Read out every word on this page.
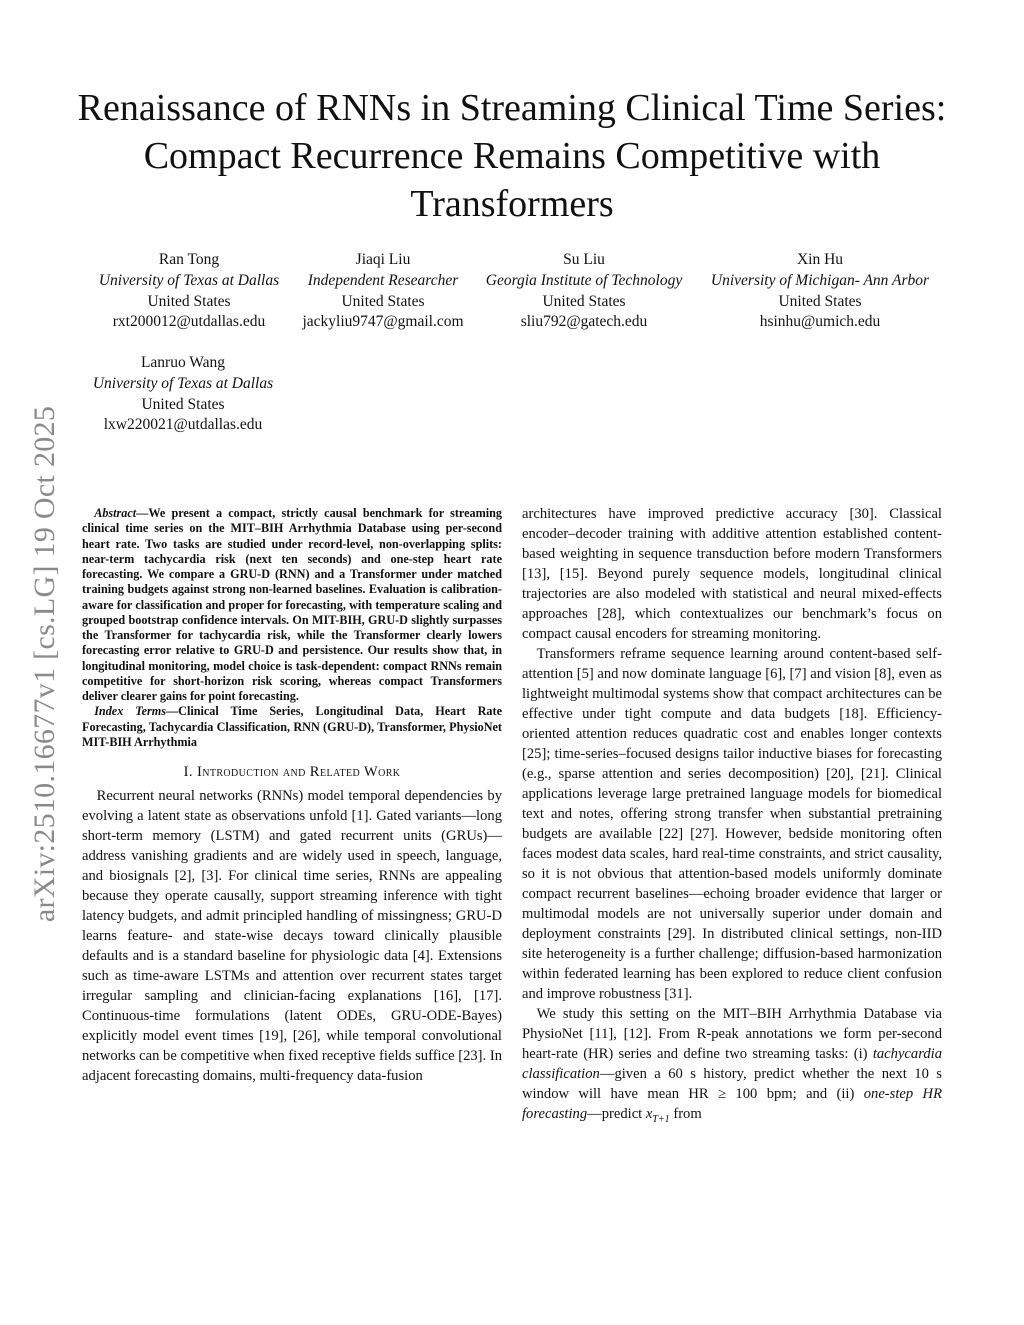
Renaissance of RNNs in Streaming Clinical Time Series: Compact Recurrence Remains Competitive with Transformers
Ran Tong
University of Texas at Dallas
United States
rxt200012@utdallas.edu
Jiaqi Liu
Independent Researcher
United States
jackyliu9747@gmail.com
Su Liu
Georgia Institute of Technology
United States
sliu792@gatech.edu
Xin Hu
University of Michigan- Ann Arbor
United States
hsinhu@umich.edu
Lanruo Wang
University of Texas at Dallas
United States
lxw220021@utdallas.edu
arXiv:2510.16677v1 [cs.LG] 19 Oct 2025	Abstract—We present a compact, strictly causal benchmark for streaming clinical time series on the MIT–BIH Arrhythmia Database using per-second heart rate. Two tasks are studied under record-level, non-overlapping splits: near-term tachycardia risk (next ten seconds) and one-step heart rate forecasting. We compare a GRU-D (RNN) and a Transformer under matched training budgets against strong non-learned baselines. Evaluation is calibration-aware for classification and proper for forecasting, with temperature scaling and grouped bootstrap confidence intervals. On MIT-BIH, GRU-D slightly surpasses the Transformer for tachycardia risk, while the Transformer clearly lowers forecasting error relative to GRU-D and persistence. Our results show that, in longitudinal monitoring, model choice is task-dependent: compact RNNs remain competitive for short-horizon risk scoring, whereas compact Transformers deliver clearer gains for point forecasting.

Index Terms—Clinical Time Series, Longitudinal Data, Heart Rate Forecasting, Tachycardia Classification, RNN (GRU-D), Transformer, PhysioNet MIT-BIH Arrhythmia

I. Introduction and Related Work

Recurrent neural networks (RNNs) model temporal dependencies by evolving a latent state as observations unfold [1]. Gated variants—long short-term memory (LSTM) and gated recurrent units (GRUs)—address vanishing gradients and are widely used in speech, language, and biosignals [2], [3]. For clinical time series, RNNs are appealing because they operate causally, support streaming inference with tight latency budgets, and admit principled handling of missingness; GRU-D learns feature- and state-wise decays toward clinically plausible defaults and is a standard baseline for physiologic data [4]. Extensions such as time-aware LSTMs and attention over recurrent states target irregular sampling and clinician-facing explanations [16], [17]. Continuous-time formulations (latent ODEs, GRU-ODE-Bayes) explicitly model event times [19], [26], while temporal convolutional networks can be competitive when fixed receptive fields suffice [23]. In adjacent forecasting domains, multi-frequency data-fusion

architectures have improved predictive accuracy [30]. Classical encoder–decoder training with additive attention established content-based weighting in sequence transduction before modern Transformers [13], [15]. Beyond purely sequence models, longitudinal clinical trajectories are also modeled with statistical and neural mixed-effects approaches [28], which contextualizes our benchmark’s focus on compact causal encoders for streaming monitoring.

Transformers reframe sequence learning around content-based self-attention [5] and now dominate language [6], [7] and vision [8], even as lightweight multimodal systems show that compact architectures can be effective under tight compute and data budgets [18]. Efficiency-oriented attention reduces quadratic cost and enables longer contexts [25]; time-series–focused designs tailor inductive biases for forecasting (e.g., sparse attention and series decomposition) [20], [21]. Clinical applications leverage large pretrained language models for biomedical text and notes, offering strong transfer when substantial pretraining budgets are available [22] [27]. However, bedside monitoring often faces modest data scales, hard real-time constraints, and strict causality, so it is not obvious that attention-based models uniformly dominate compact recurrent baselines—echoing broader evidence that larger or multimodal models are not universally superior under domain and deployment constraints [29]. In distributed clinical settings, non-IID site heterogeneity is a further challenge; diffusion-based harmonization within federated learning has been explored to reduce client confusion and improve robustness [31].

We study this setting on the MIT–BIH Arrhythmia Database via PhysioNet [11], [12]. From R-peak annotations we form per-second heart-rate (HR) series and define two streaming tasks: (i) tachycardia classification—given a 60 s history, predict whether the next 10 s window will have mean HR ≥ 100 bpm; and (ii) one-step HR forecasting—predict $x_{T+1}$ from
